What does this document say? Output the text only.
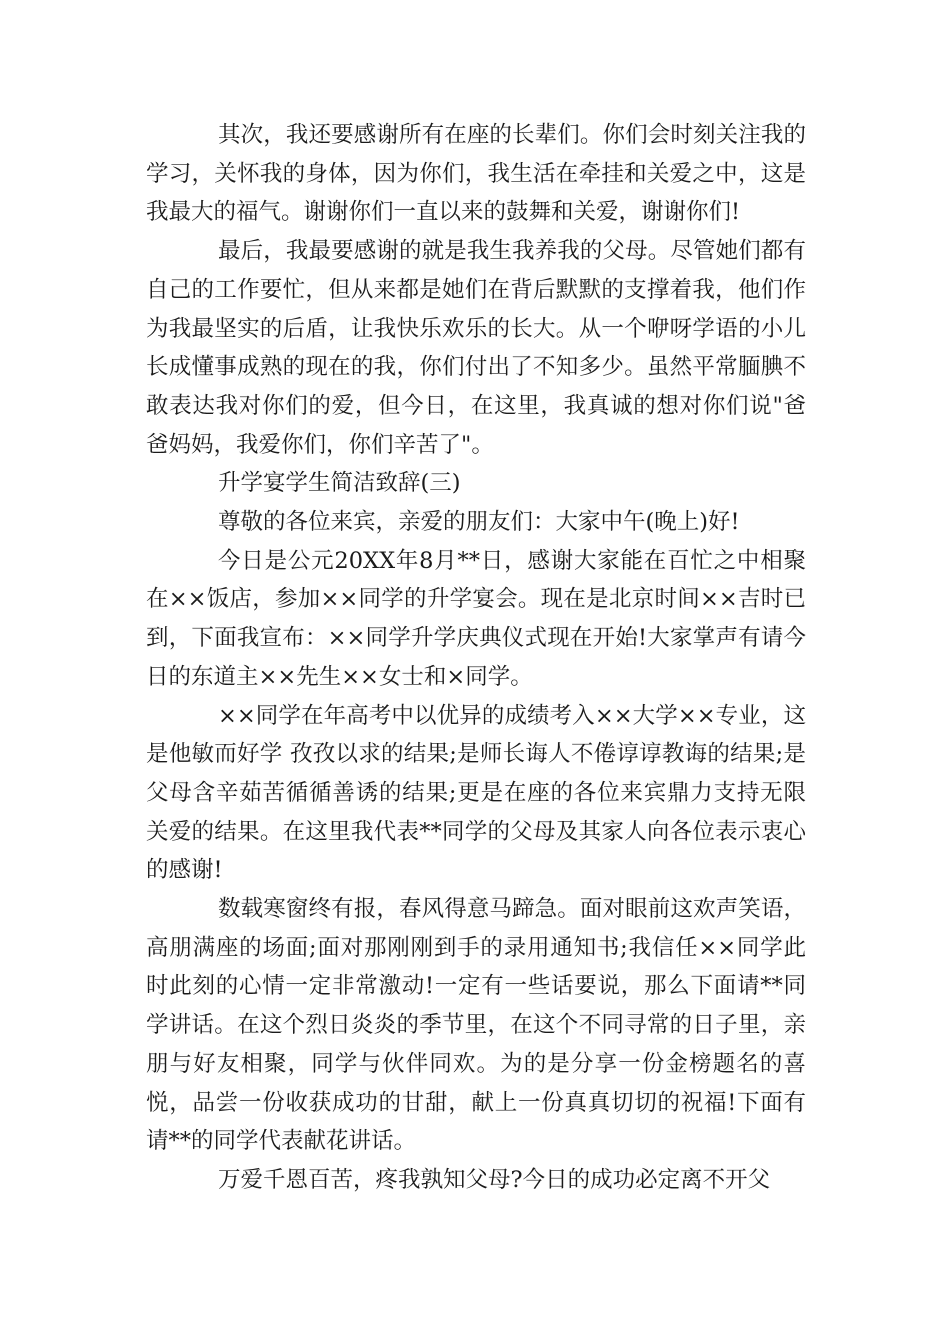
其次，我还要感谢所有在座的长辈们。你们会时刻关注我的学习，关怀我的身体，因为你们，我生活在牵挂和关爱之中，这是我最大的福气。谢谢你们一直以来的鼓舞和关爱，谢谢你们!

最后，我最要感谢的就是我生我养我的父母。尽管她们都有自己的工作要忙，但从来都是她们在背后默默的支撑着我，他们作为我最坚实的后盾，让我快乐欢乐的长大。从一个咿呀学语的小儿长成懂事成熟的现在的我，你们付出了不知多少。虽然平常腼腆不敢表达我对你们的爱，但今日，在这里，我真诚的想对你们说"爸爸妈妈，我爱你们，你们辛苦了"。

升学宴学生简洁致辞(三)

尊敬的各位来宾，亲爱的朋友们：大家中午(晚上)好!

今日是公元20XX年8月**日，感谢大家能在百忙之中相聚在××饭店，参加××同学的升学宴会。现在是北京时间××吉时已到，下面我宣布：××同学升学庆典仪式现在开始!大家掌声有请今日的东道主××先生××女士和×同学。

××同学在年高考中以优异的成绩考入××大学××专业，这是他敏而好学 孜孜以求的结果;是师长诲人不倦谆谆教诲的结果;是父母含辛茹苦循循善诱的结果;更是在座的各位来宾鼎力支持无限关爱的结果。在这里我代表**同学的父母及其家人向各位表示衷心的感谢!

数载寒窗终有报，春风得意马蹄急。面对眼前这欢声笑语，高朋满座的场面;面对那刚刚到手的录用通知书;我信任××同学此时此刻的心情一定非常激动!一定有一些话要说，那么下面请**同学讲话。在这个烈日炎炎的季节里，在这个不同寻常的日子里，亲朋与好友相聚，同学与伙伴同欢。为的是分享一份金榜题名的喜悦，品尝一份收获成功的甘甜，献上一份真真切切的祝福!下面有请**的同学代表献花讲话。

万爱千恩百苦，疼我孰知父母?今日的成功必定离不开父
